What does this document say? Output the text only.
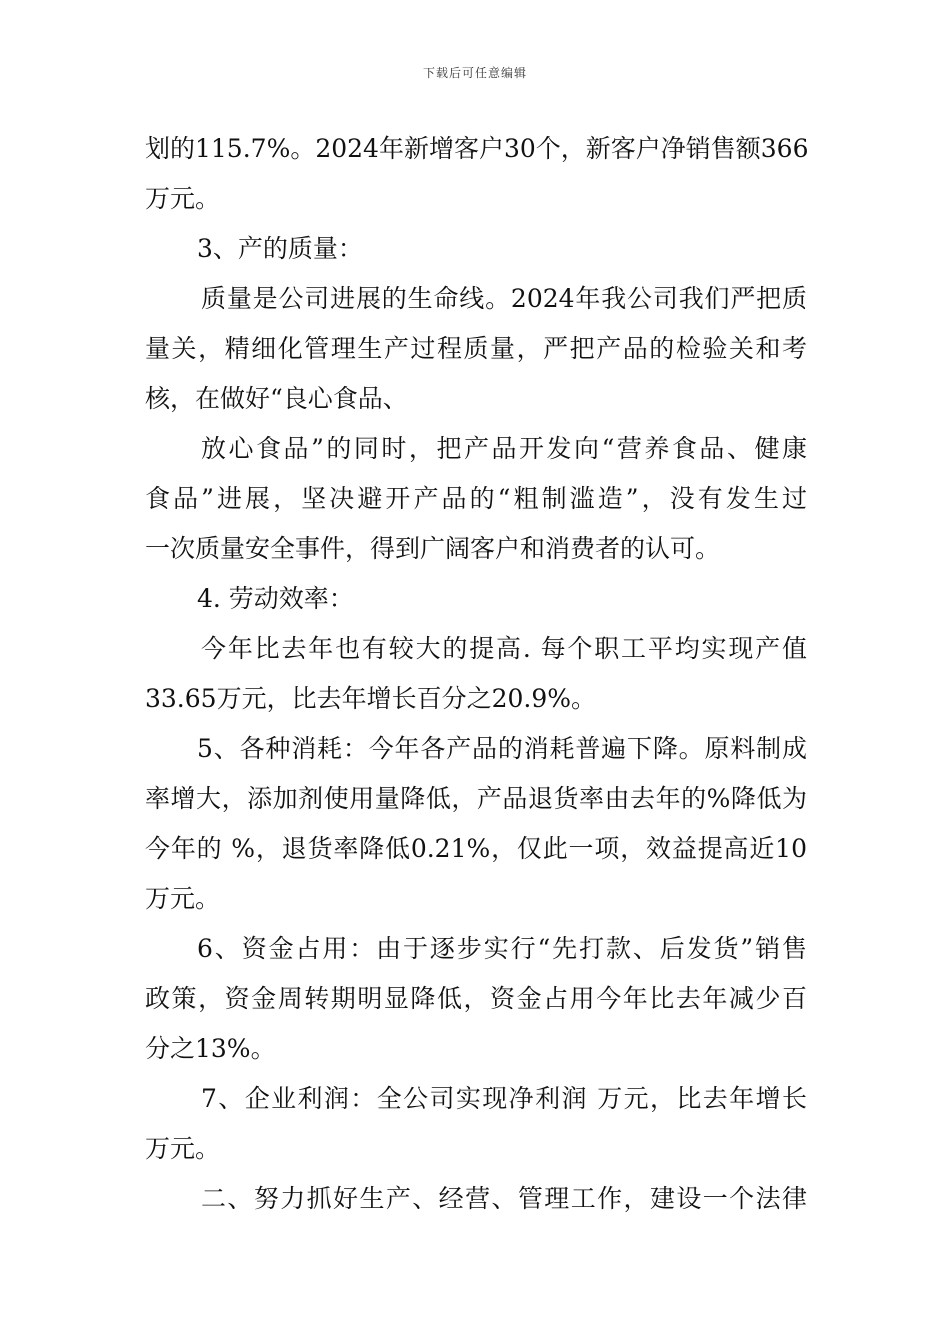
下载后可任意编辑
划的115.7%。2024年新增客户30个，新客户净销售额366
万元。
3、产的质量：
质量是公司进展的生命线。2024年我公司我们严把质
量关，精细化管理生产过程质量，严把产品的检验关和考
核，在做好“良心食品、
放心食品”的同时，把产品开发向“营养食品、健康
食品”进展，坚决避开产品的“粗制滥造”，没有发生过
一次质量安全事件，得到广阔客户和消费者的认可。
4. 劳动效率：
今年比去年也有较大的提高. 每个职工平均实现产值
33.65万元，比去年增长百分之20.9%。
5、各种消耗：今年各产品的消耗普遍下降。原料制成
率增大，添加剂使用量降低，产品退货率由去年的%降低为
今年的 %，退货率降低0.21%，仅此一项，效益提高近10
万元。
6、资金占用：由于逐步实行“先打款、后发货”销售
政策，资金周转期明显降低，资金占用今年比去年减少百
分之13%。
7、企业利润：全公司实现净利润 万元，比去年增长
万元。
二、努力抓好生产、经营、管理工作，建设一个法律
